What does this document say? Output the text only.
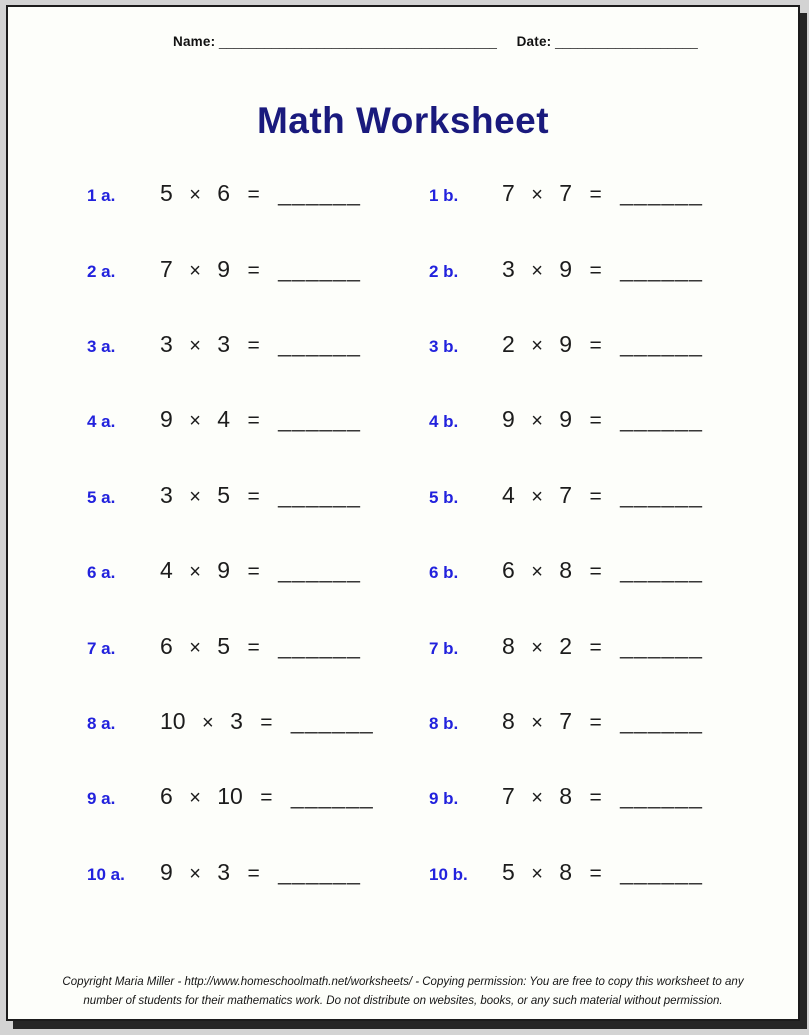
Name: _____________________________________ Date: ___________________
Math Worksheet
1 a.	5 × 6 = ______	1 b.	7 × 7 = ______
2 a.	7 × 9 = ______	2 b.	3 × 9 = ______
3 a.	3 × 3 = ______	3 b.	2 × 9 = ______
4 a.	9 × 4 = ______	4 b.	9 × 9 = ______
5 a.	3 × 5 = ______	5 b.	4 × 7 = ______
6 a.	4 × 9 = ______	6 b.	6 × 8 = ______
7 a.	6 × 5 = ______	7 b.	8 × 2 = ______
8 a.	10 × 3 = ______	8 b.	8 × 7 = ______
9 a.	6 × 10 = ______	9 b.	7 × 8 = ______
10 a.	9 × 3 = ______	10 b.	5 × 8 = ______
Copyright Maria Miller - http://www.homeschoolmath.net/worksheets/ - Copying permission: You are free to copy this worksheet to any
number of students for their mathematics work. Do not distribute on websites, books, or any such material without permission.
